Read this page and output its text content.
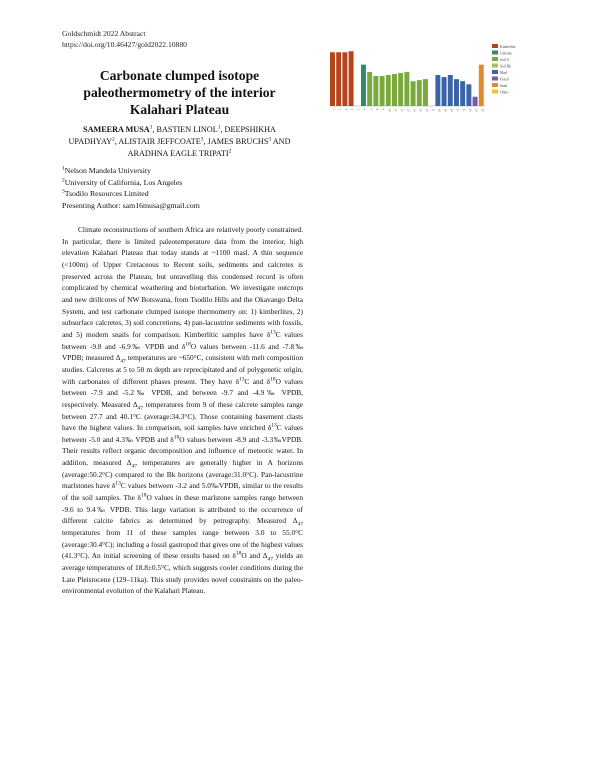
Goldschmidt 2022 Abstract
https://doi.org/10.46427/gold2022.10880
1 2 3 4 5 6 7 8 9 10 11 12 13 14 15 16 17 18 19 20 21 22 23 24 25
Kimberlite
Calcrete
Soil A
Soil Bk
Marl
Fossil
Snail
Other
Carbonate clumped isotope paleothermometry of the interior Kalahari Plateau
SAMEERA MUSA$^1$, BASTIEN LINOL$^1$, DEEPSHIKHA UPADHYAY$^2$, ALISTAIR JEFFCOATE$^3$, JAMES BRUCHS$^3$ AND ARADHNA EAGLE TRIPATI$^2$
$^1$Nelson Mandela University
$^2$University of California, Los Angeles
$^3$Tsodilo Resources Limited
Presenting Author: sam16musa@gmail.com

Climate reconstructions of southern Africa are relatively poorly constrained. In particular, there is limited paleotemperature data from the interior, high elevation Kalahari Plateau that today stands at ~1100 masl. A thin sequence (<100m) of Upper Cretaceous to Recent soils, sediments and calcretes is preserved across the Plateau, but unravelling this condensed record is often complicated by chemical weathering and bioturbation. We investigate outcrops and new drillcores of NW Botswana, from Tsodilo Hills and the Okavango Delta System, and test carbonate clumped isotope thermometry on: 1) kimberlites, 2) subsurface calcretes, 3) soil concretions, 4) pan-lacustrine sediments with fossils, and 5) modern snails for comparison. Kimberlitic samples have $\delta^{13}C$ values between -9.8 and -6.9‰ VPDB and $\delta^{18}O$ values between -11.6 and -7.8‰ VPDB; measured $\Delta_{47}$ temperatures are ~650°C, consistent with melt composition studies. Calcretes at 5 to 50 m depth are reprecipitated and of polygenetic origin, with carbonates of different phases present. They have $\delta^{13}C$ and $\delta^{18}O$ values between -7.9 and -5.2‰ VPDB, and between -9.7 and -4.9‰ VPDB, respectively. Measured $\Delta_{47}$ temperatures from 9 of these calcrete samples range between 27.7 and 40.1°C (average:34.3°C). Those containing basement clasts have the highest values. In comparison, soil samples have enriched $\delta^{13}C$ values between -5.0 and 4.3‰ VPDB and $\delta^{18}O$ values between -8.9 and -3.3‰VPDB. Their results reflect organic decomposition and influence of meteoric water. In addition, measured $\Delta_{47}$ temperatures are generally higher in A horizons (average:50.2°C) compared to the Bk horizons (average:31.0°C). Pan-lacustrine marlstones have $\delta^{13}C$ values between -3.2 and 5.0‰VPDB, similar to the results of the soil samples. The $\delta^{18}O$ values in these marlstone samples range between -9.6 to 9.4‰ VPDB. This large variation is attributed to the occurrence of different calcite fabrics as determined by petrography. Measured $\Delta_{47}$ temperatures from 11 of these samples range between 3.0 to 55.0°C (average:30.4°C); including a fossil gastropod that gives one of the highest values (41.3°C). An initial screening of these results based on $\delta^{18}O$ and $\Delta_{47}$ yields an average temperatures of 18.8±0.5°C, which suggests cooler conditions during the Late Pleistocene (129–11ka). This study provides novel constraints on the paleo-environmental evolution of the Kalahari Plateau.
